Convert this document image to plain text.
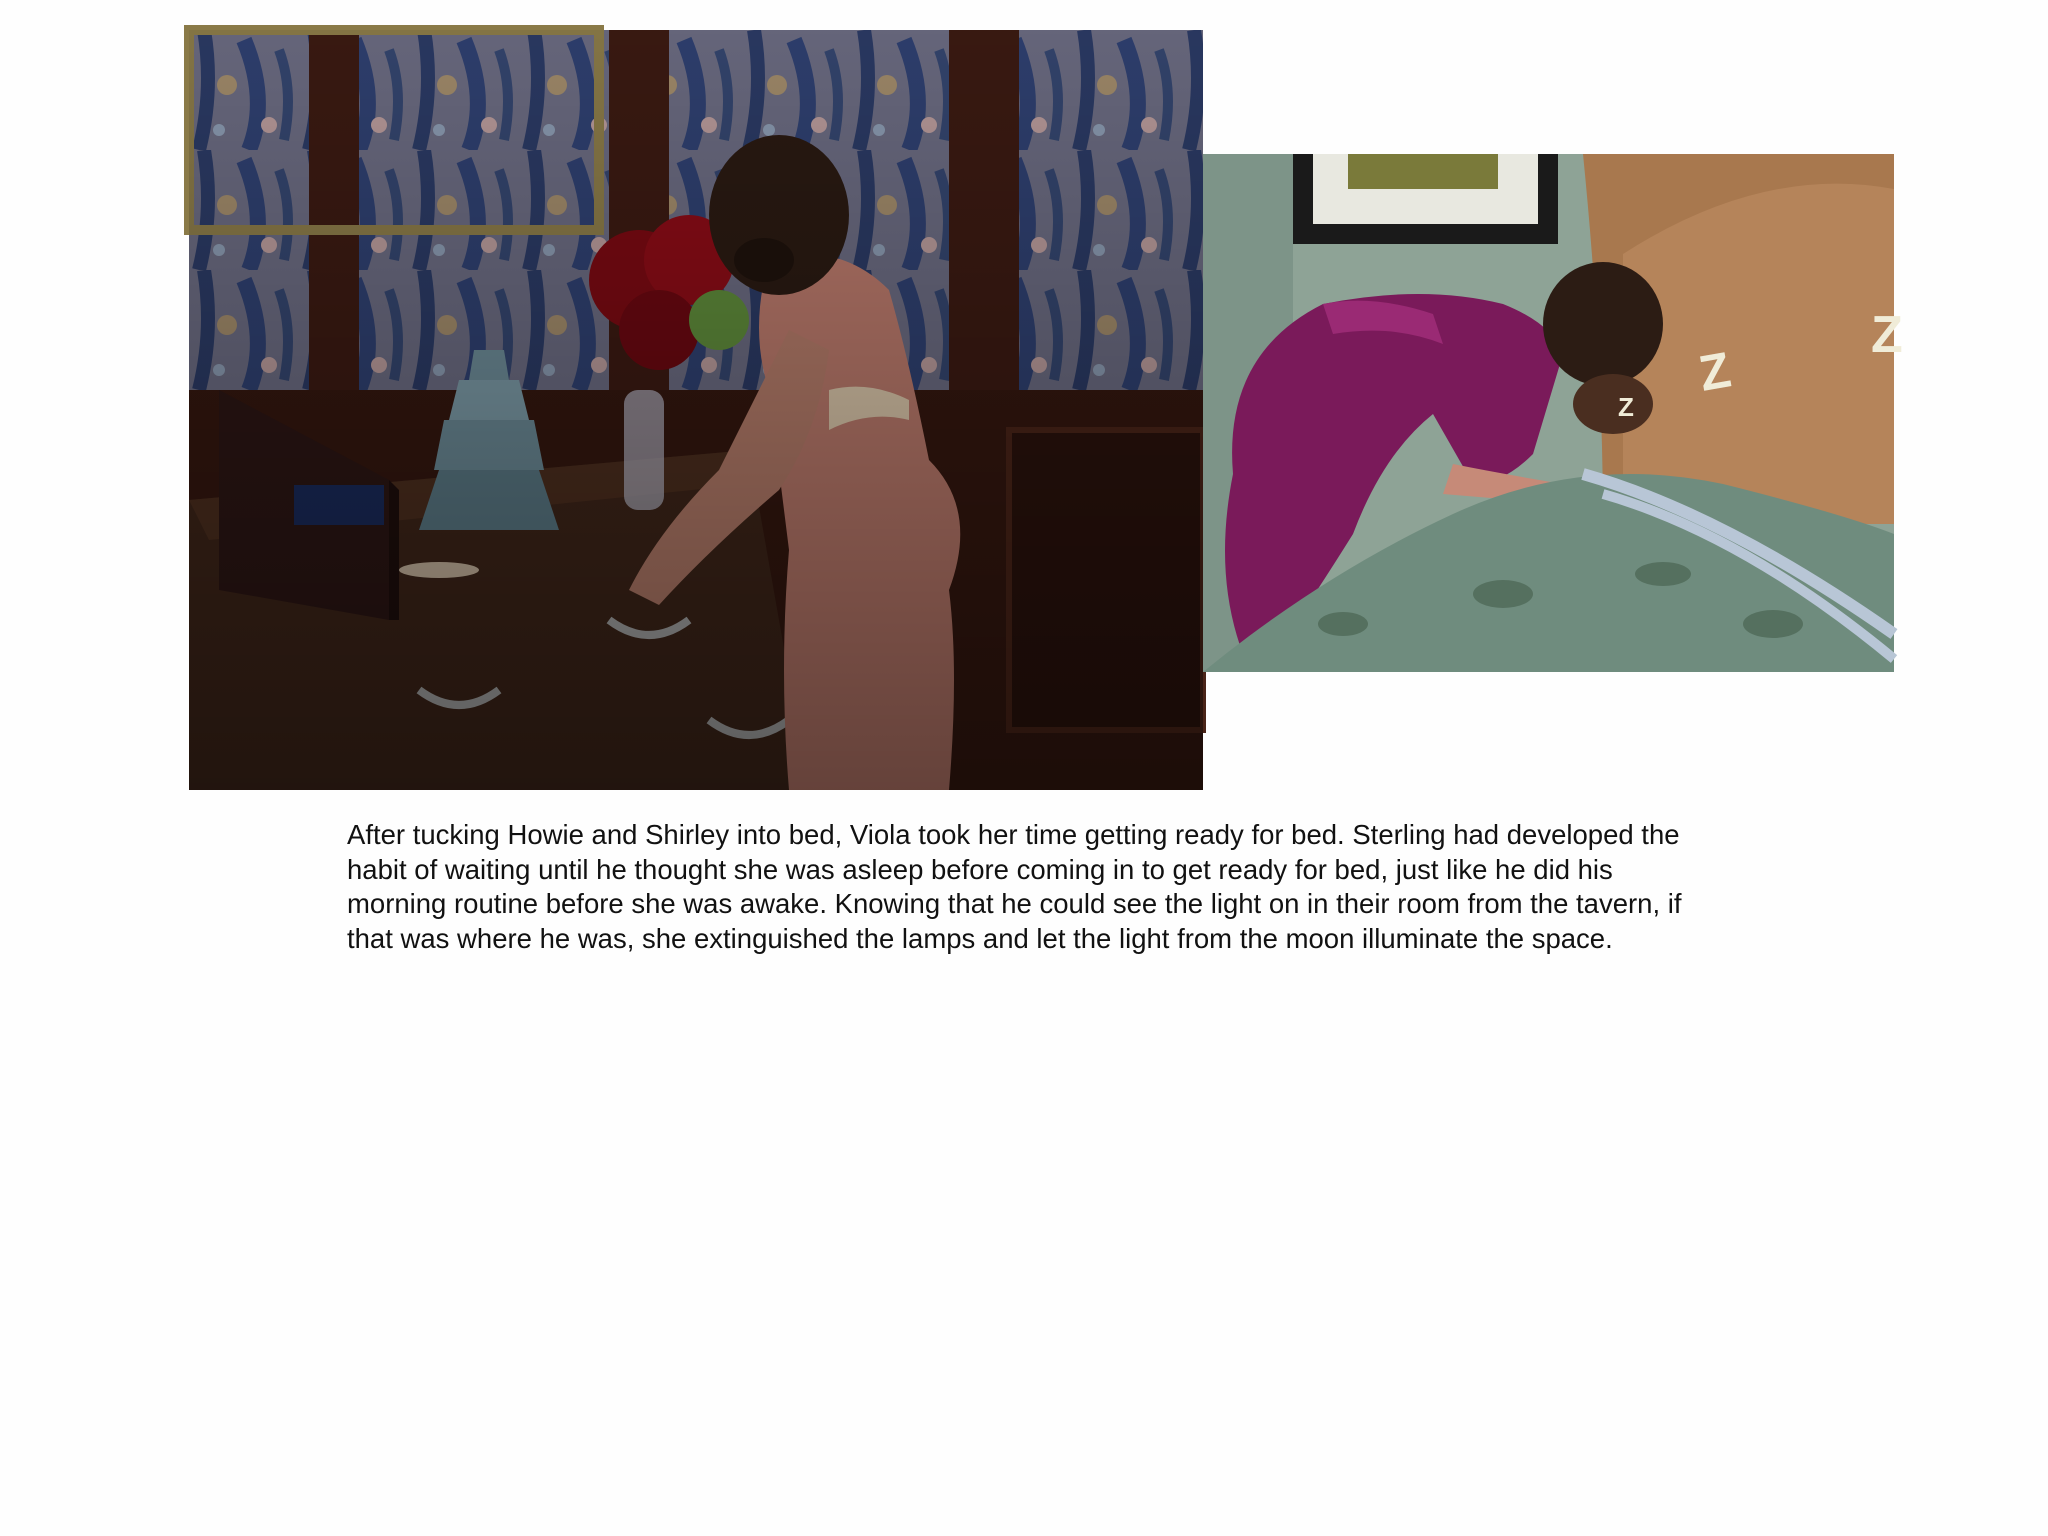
Z
Z
Z

After tucking Howie and Shirley into bed, Viola took her time getting ready for bed. Sterling had developed the habit of waiting until he thought she was asleep before coming in to get ready for bed, just like he did his morning routine before she was awake. Knowing that he could see the light on in their room from the tavern, if that was where he was, she extinguished the lamps and let the light from the moon illuminate the space.
